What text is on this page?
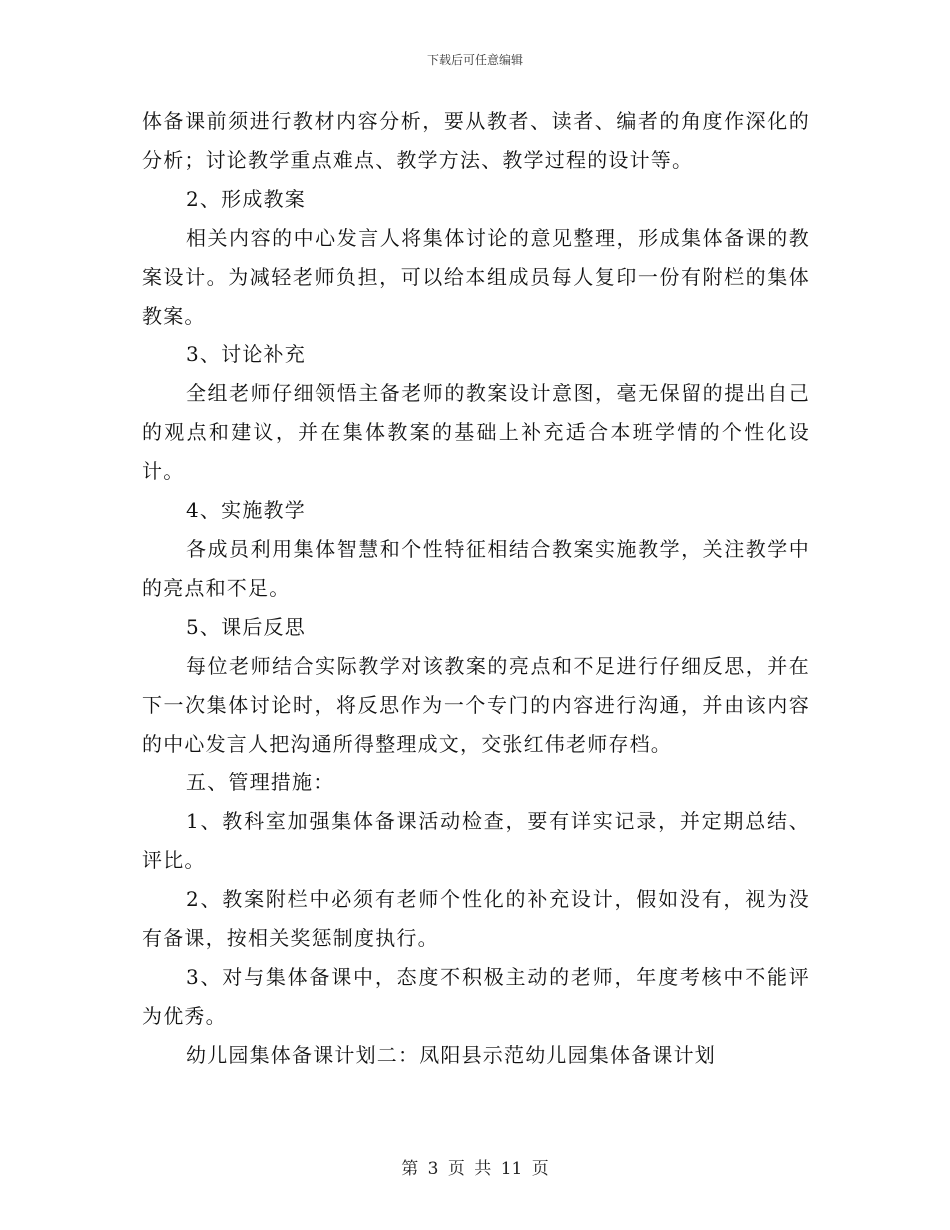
下载后可任意编辑

体备课前须进行教材内容分析，要从教者、读者、编者的角度作深化的分析；讨论教学重点难点、教学方法、教学过程的设计等。

2、形成教案

相关内容的中心发言人将集体讨论的意见整理，形成集体备课的教案设计。为减轻老师负担，可以给本组成员每人复印一份有附栏的集体教案。

3、讨论补充

全组老师仔细领悟主备老师的教案设计意图，毫无保留的提出自己的观点和建议，并在集体教案的基础上补充适合本班学情的个性化设计。

4、实施教学

各成员利用集体智慧和个性特征相结合教案实施教学，关注教学中的亮点和不足。

5、课后反思

每位老师结合实际教学对该教案的亮点和不足进行仔细反思，并在下一次集体讨论时，将反思作为一个专门的内容进行沟通，并由该内容的中心发言人把沟通所得整理成文，交张红伟老师存档。

五、管理措施：

1、教科室加强集体备课活动检查，要有详实记录，并定期总结、评比。

2、教案附栏中必须有老师个性化的补充设计，假如没有，视为没有备课，按相关奖惩制度执行。

3、对与集体备课中，态度不积极主动的老师，年度考核中不能评为优秀。

幼儿园集体备课计划二：凤阳县示范幼儿园集体备课计划

第 3 页 共 11 页
